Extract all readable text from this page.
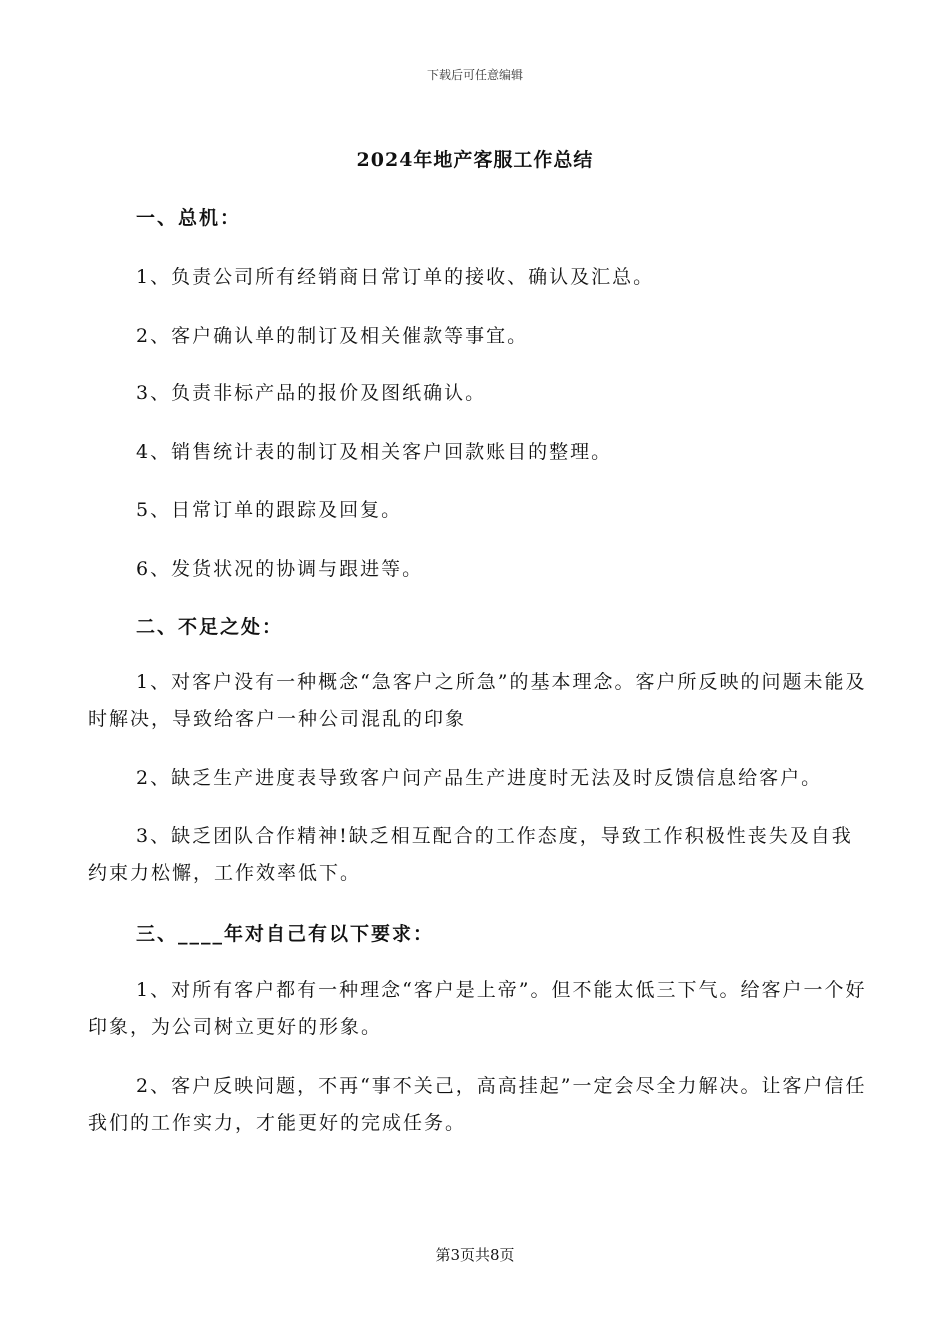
下载后可任意编辑
2024年地产客服工作总结

一、总机：

1、负责公司所有经销商日常订单的接收、确认及汇总。

2、客户确认单的制订及相关催款等事宜。

3、负责非标产品的报价及图纸确认。

4、销售统计表的制订及相关客户回款账目的整理。

5、日常订单的跟踪及回复。

6、发货状况的协调与跟进等。

二、不足之处：

1、对客户没有一种概念“急客户之所急”的基本理念。客户所反映的问题未能及时解决，导致给客户一种公司混乱的印象

2、缺乏生产进度表导致客户问产品生产进度时无法及时反馈信息给客户。

3、缺乏团队合作精神!缺乏相互配合的工作态度，导致工作积极性丧失及自我约束力松懈，工作效率低下。

三、____年对自己有以下要求：

1、对所有客户都有一种理念“客户是上帝”。但不能太低三下气。给客户一个好印象，为公司树立更好的形象。

2、客户反映问题，不再“事不关己，高高挂起”一定会尽全力解决。让客户信任我们的工作实力，才能更好的完成任务。

第3页共8页
